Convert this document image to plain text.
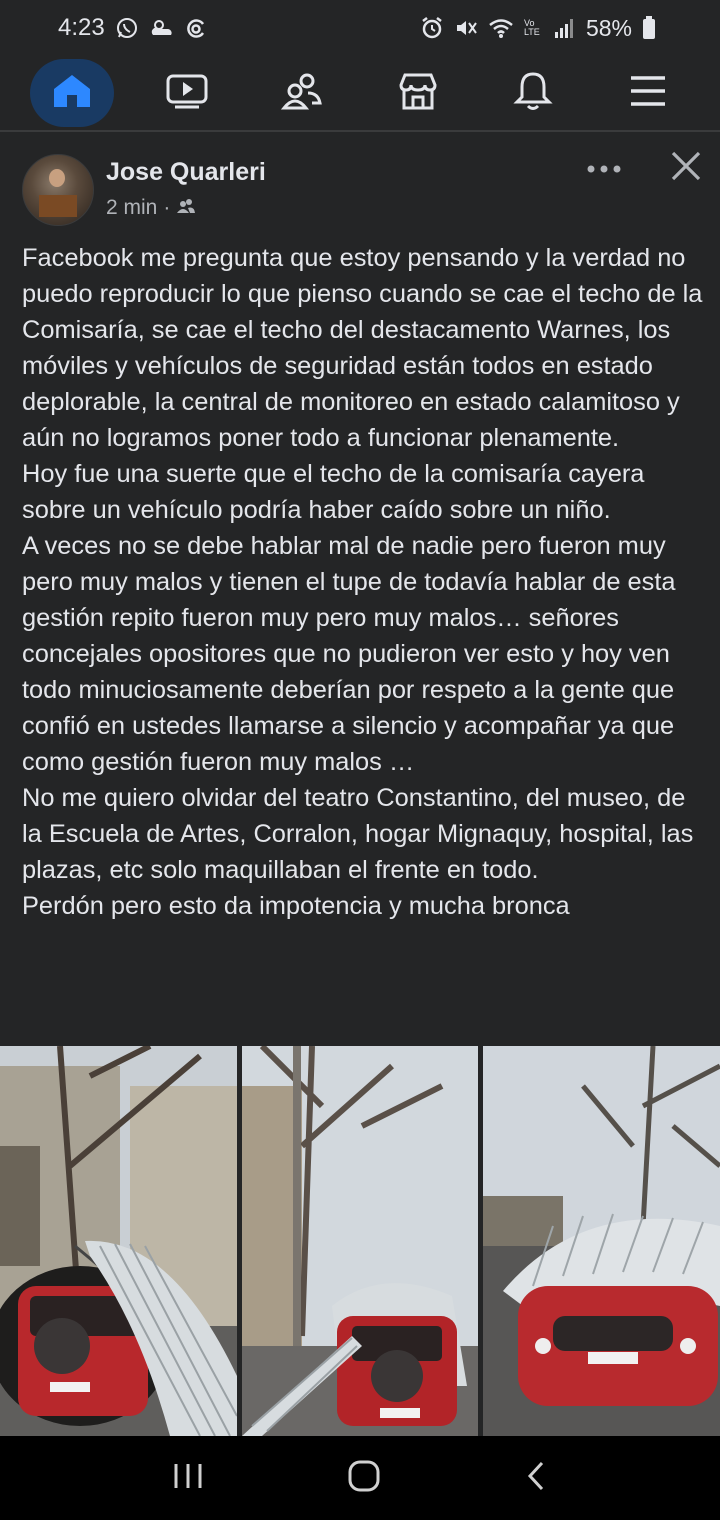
4:23	Vo LTE 58%
Jose Quarleri
2 min ·

Facebook me pregunta que estoy pensando y la verdad no puedo reproducir lo que pienso cuando se cae el techo de la Comisaría, se cae el techo del destacamento Warnes, los móviles y vehículos de seguridad están todos en estado deplorable, la central de monitoreo en estado calamitoso y aún no logramos poner todo a funcionar plenamente.

Hoy fue una suerte que el techo de la comisaría cayera sobre un vehículo podría haber caído sobre un niño.

A veces no se debe hablar mal de nadie pero fueron muy pero muy malos y tienen el tupe de todavía hablar de esta gestión repito fueron muy pero muy malos… señores concejales opositores que no pudieron ver esto y hoy ven todo minuciosamente deberían por respeto a la gente que confió en ustedes llamarse a silencio y acompañar ya que como gestión fueron muy malos …

No me quiero olvidar del teatro Constantino, del museo, de la Escuela de Artes, Corralon, hogar Mignaquy, hospital, las plazas, etc solo maquillaban el frente en todo.

Perdón pero esto da impotencia y mucha bronca
